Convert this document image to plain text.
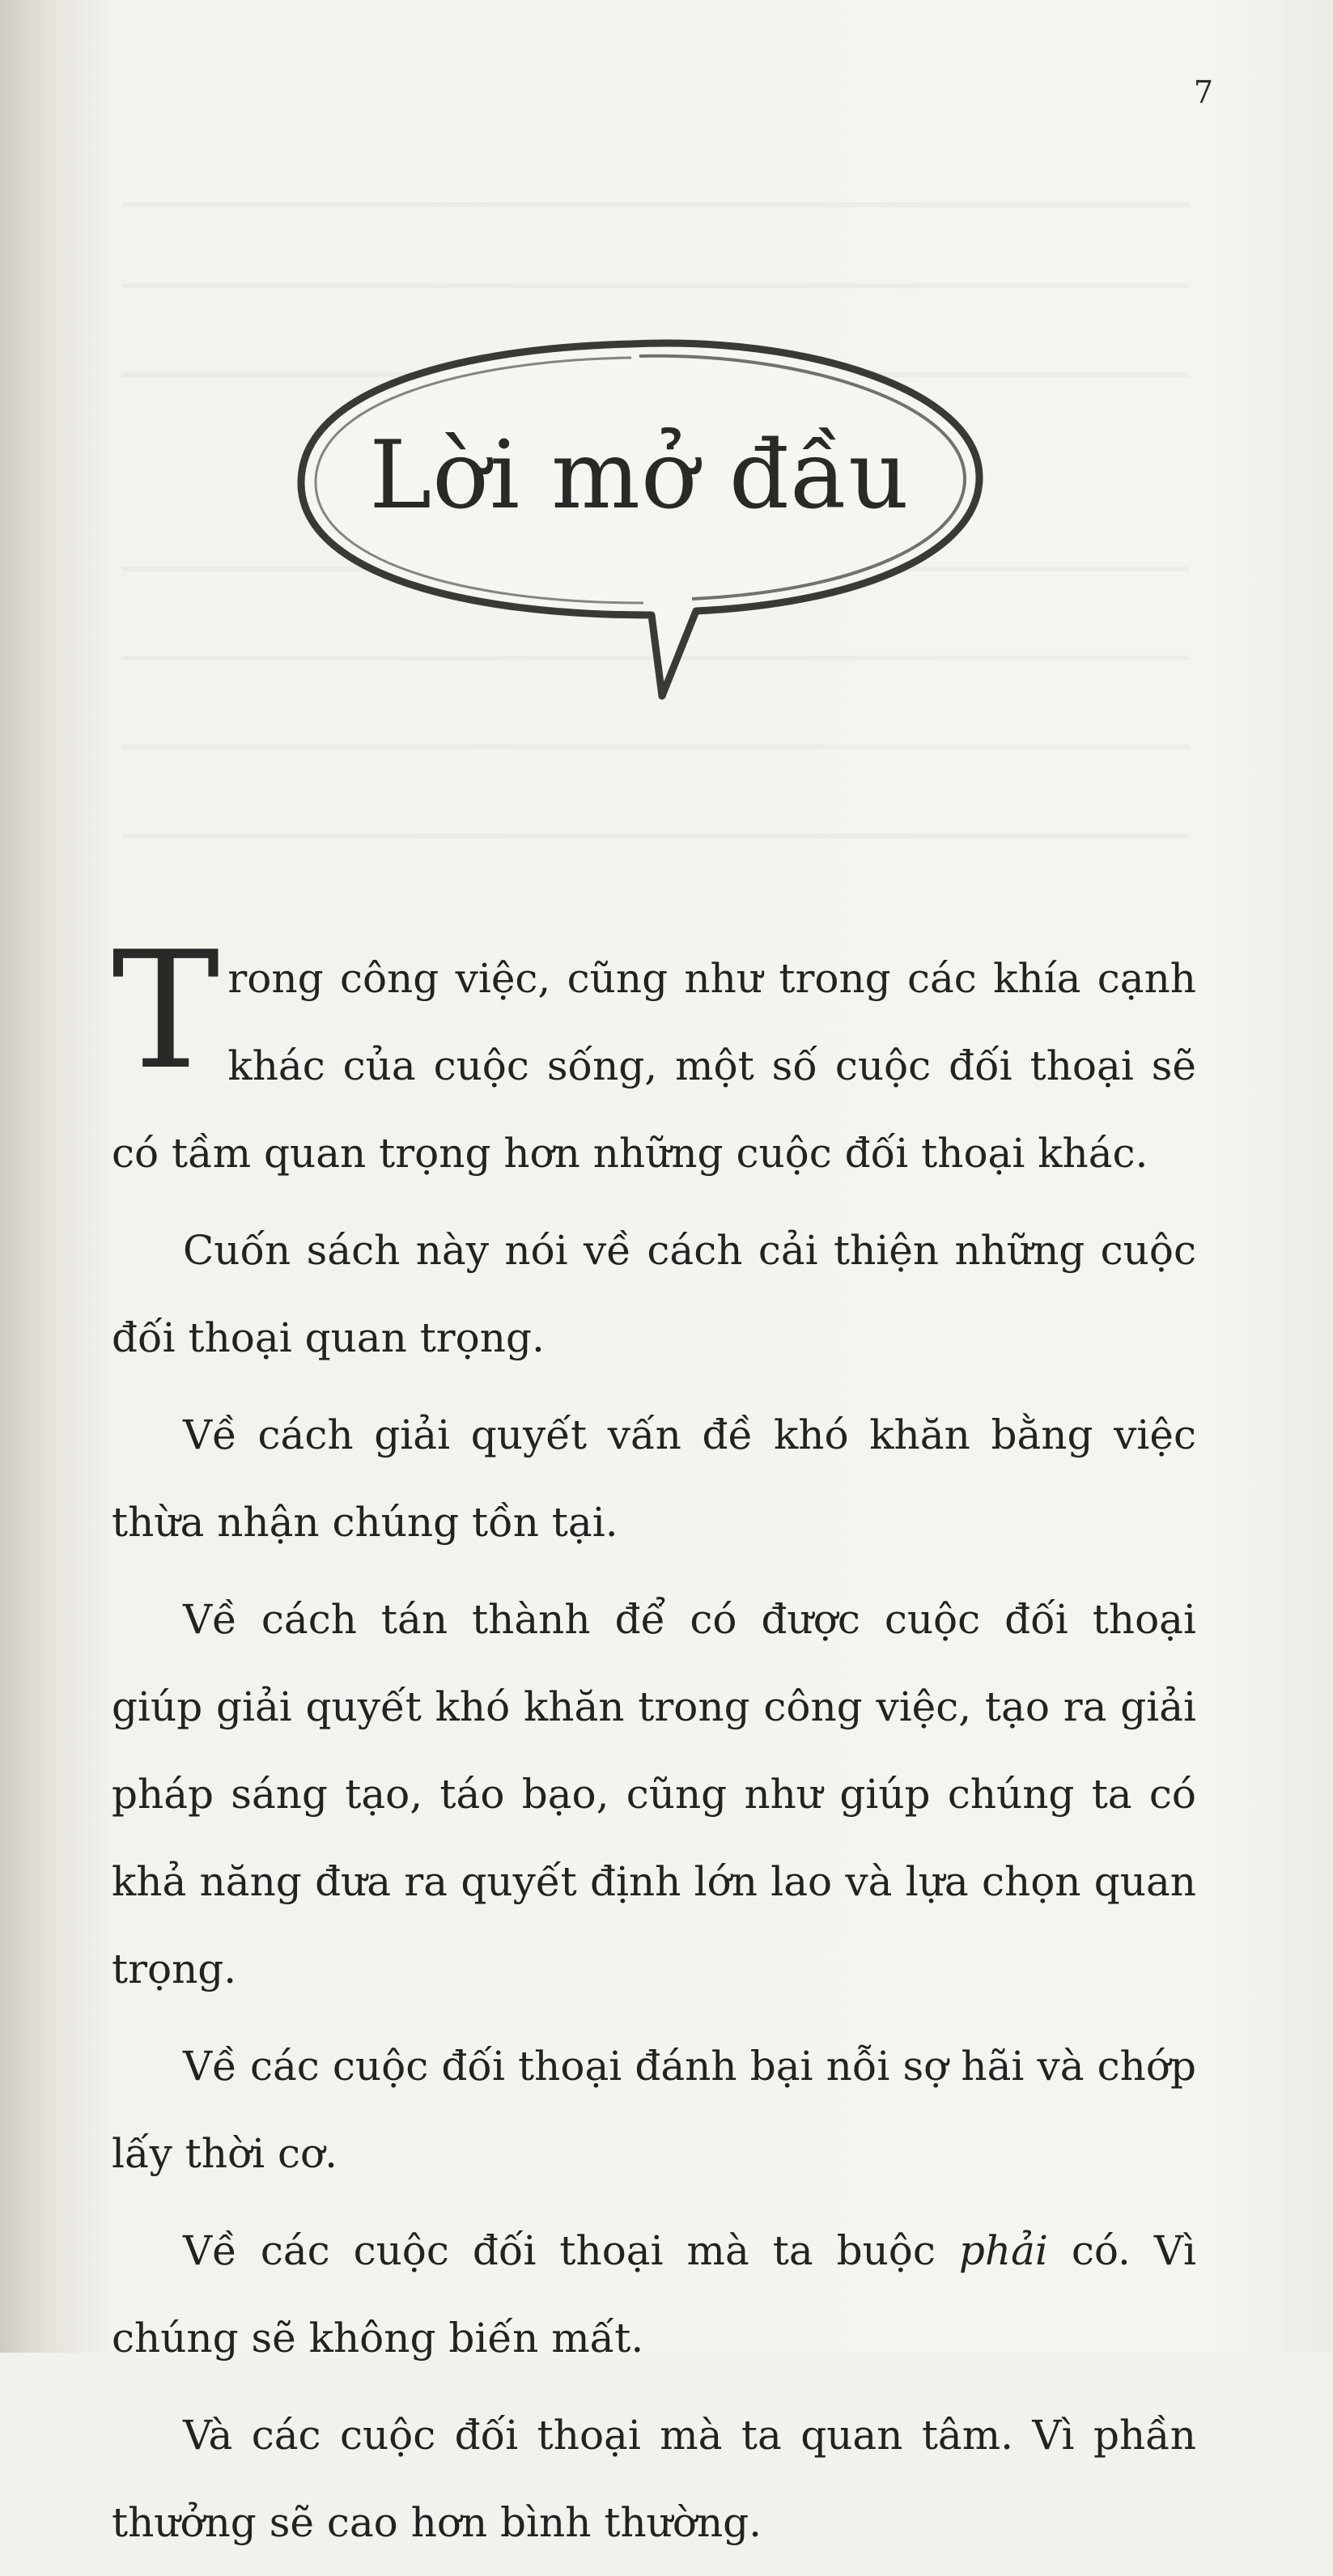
7
Lời mở đầu

Trong công việc, cũng như trong các khía cạnh khác của cuộc sống, một số cuộc đối thoại sẽ có tầm quan trọng hơn những cuộc đối thoại khác.

Cuốn sách này nói về cách cải thiện những cuộc đối thoại quan trọng.

Về cách giải quyết vấn đề khó khăn bằng việc thừa nhận chúng tồn tại.

Về cách tán thành để có được cuộc đối thoại giúp giải quyết khó khăn trong công việc, tạo ra giải pháp sáng tạo, táo bạo, cũng như giúp chúng ta có khả năng đưa ra quyết định lớn lao và lựa chọn quan trọng.

Về các cuộc đối thoại đánh bại nỗi sợ hãi và chớp lấy thời cơ.

Về các cuộc đối thoại mà ta buộc phải có. Vì chúng sẽ không biến mất.

Và các cuộc đối thoại mà ta quan tâm. Vì phần thưởng sẽ cao hơn bình thường.
